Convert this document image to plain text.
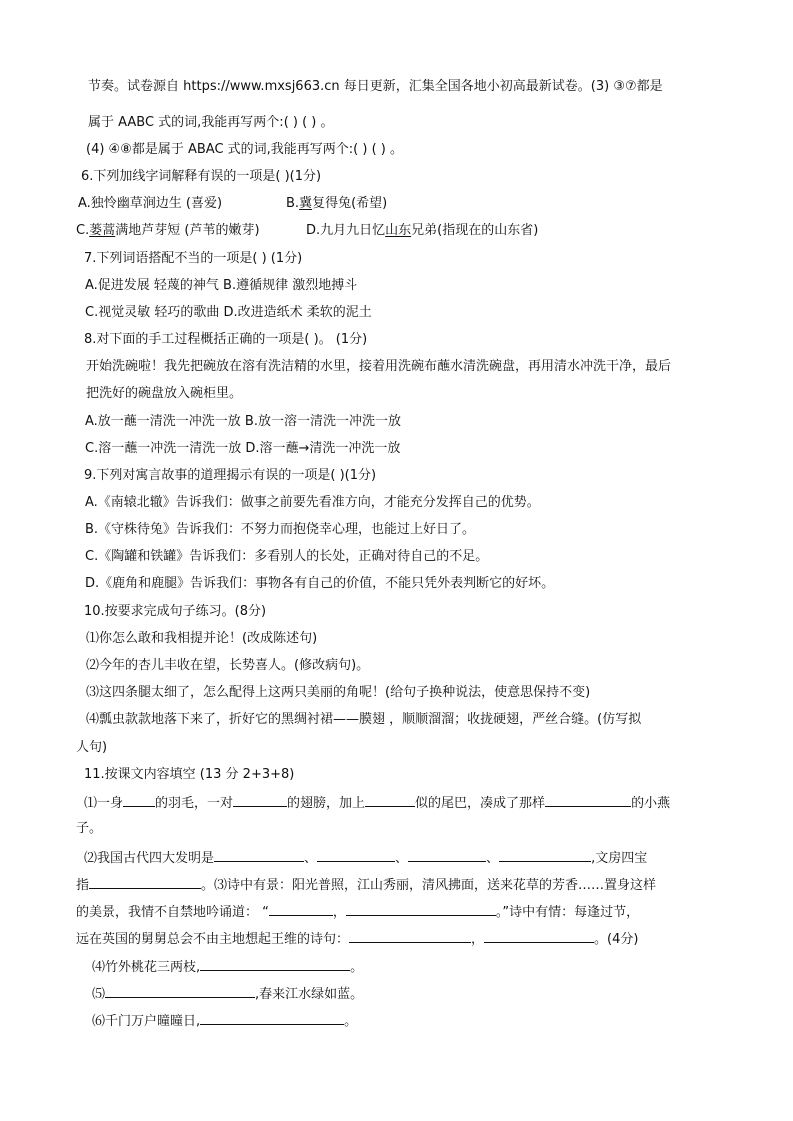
节奏。试卷源自 https://www.mxsj663.cn 每日更新，汇集全国各地小初高最新试卷。(3) ③⑦都是
属于 AABC 式的词,我能再写两个:( ) ( ) 。
(4) ④⑧都是属于 ABAC 式的词,我能再写两个:( ) ( ) 。
6.下列加线字词解释有误的一项是( )(1分)
A.独怜幽草涧边生 (喜爱)	B.冀复得兔(希望)
C.蒌蒿满地芦芽短 (芦苇的嫩芽)	D.九月九日忆山东兄弟(指现在的山东省)
7.下列词语搭配不当的一项是( ) (1分)
A.促进发展 轻蔑的神气 B.遵循规律 激烈地搏斗
C.视觉灵敏 轻巧的歌曲 D.改进造纸术 柔软的泥土
8.对下面的手工过程概括正确的一项是( )。 (1分)
开始洗碗啦！我先把碗放在溶有洗洁精的水里，接着用洗碗布蘸水清洗碗盘，再用清水冲洗干净，最后
把洗好的碗盘放入碗柜里。
A.放一蘸一清洗一冲洗一放 B.放一溶一清洗一冲洗一放
C.溶一蘸一冲洗一清洗一放 D.溶一蘸→清洗一冲洗一放
9.下列对寓言故事的道理揭示有误的一项是( )(1分)
A.《南辕北辙》告诉我们：做事之前要先看准方向，才能充分发挥自己的优势。
B.《守株待兔》告诉我们：不努力而抱侥幸心理，也能过上好日了。
C.《陶罐和铁罐》告诉我们：多看别人的长处，正确对待自己的不足。
D.《鹿角和鹿腿》告诉我们：事物各有自己的价值，不能只凭外表判断它的好坏。
10.按要求完成句子练习。(8分)
⑴你怎么敢和我相提并论！(改成陈述句)
⑵今年的杏儿丰收在望，长势喜人。(修改病句)。
⑶这四条腿太细了，怎么配得上这两只美丽的角呢！(给句子换种说法，使意思保持不变)
⑷瓢虫款款地落下来了，折好它的黑绸衬裙——膜翅 ，顺顺溜溜；收拢硬翅，严丝合缝。(仿写拟
人句)
11.按课文内容填空 (13 分 2+3+8)
⑴一身 的羽毛，一对	的翅膀，加上	似的尾巴，凑成了那样	的小燕
子。
⑵我国古代四大发明是	、	、	、	,文房四宝
指	。⑶诗中有景：阳光普照，江山秀丽，清风拂面，送来花草的芳香……置身这样
的美景，我情不自禁地吟诵道： “	，	。”诗中有情：每逢过节，
远在英国的舅舅总会不由主地想起王维的诗句：	，	。(4分)
⑷竹外桃花三两枝,	。
⑸	,春来江水绿如蓝。
⑹千门万户曈曈日,	。
